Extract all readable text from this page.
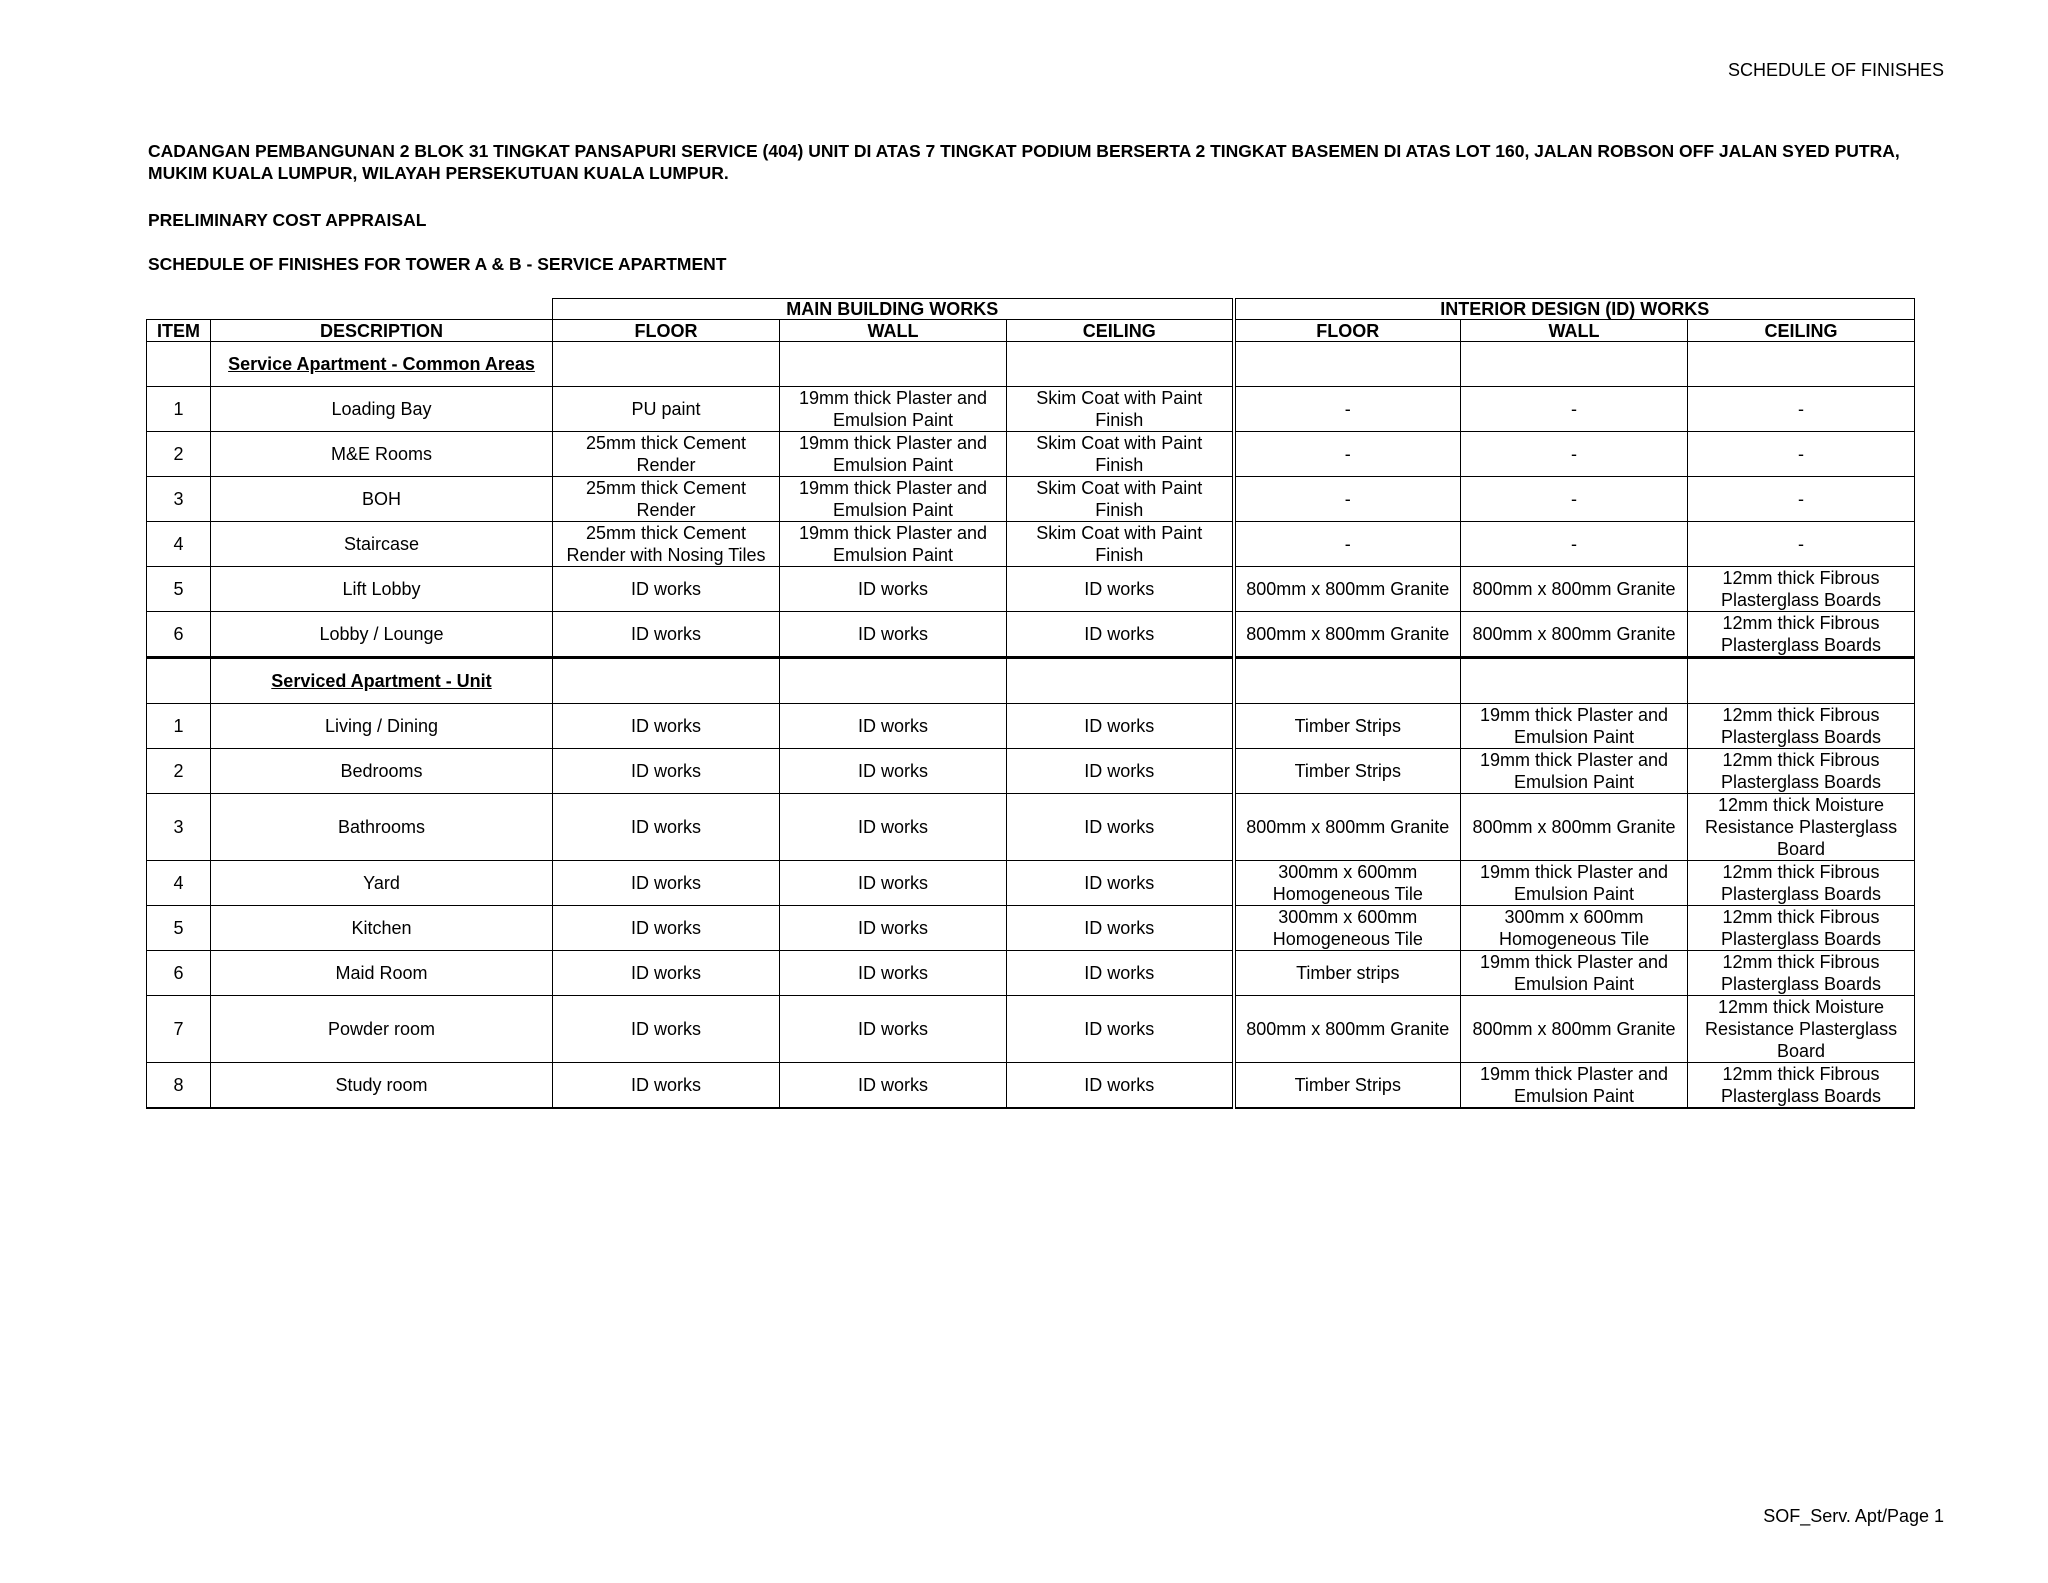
SCHEDULE OF FINISHES

CADANGAN PEMBANGUNAN 2 BLOK 31 TINGKAT PANSAPURI SERVICE (404) UNIT DI ATAS 7 TINGKAT PODIUM BERSERTA 2 TINGKAT BASEMEN DI ATAS LOT 160, JALAN ROBSON OFF JALAN SYED PUTRA, MUKIM KUALA LUMPUR, WILAYAH PERSEKUTUAN KUALA LUMPUR.

PRELIMINARY COST APPRAISAL

SCHEDULE OF FINISHES FOR TOWER A & B - SERVICE APARTMENT

		MAIN BUILDING WORKS			INTERIOR DESIGN (ID) WORKS		
ITEM	DESCRIPTION	FLOOR	WALL	CEILING	FLOOR	WALL	CEILING
	Service Apartment - Common Areas						
1	Loading Bay	PU paint	19mm thick Plaster and Emulsion Paint	Skim Coat with Paint Finish	-	-	-
2	M&E Rooms	25mm thick Cement Render	19mm thick Plaster and Emulsion Paint	Skim Coat with Paint Finish	-	-	-
3	BOH	25mm thick Cement Render	19mm thick Plaster and Emulsion Paint	Skim Coat with Paint Finish	-	-	-
4	Staircase	25mm thick Cement Render with Nosing Tiles	19mm thick Plaster and Emulsion Paint	Skim Coat with Paint Finish	-	-	-
5	Lift Lobby	ID works	ID works	ID works	800mm x 800mm Granite	800mm x 800mm Granite	12mm thick Fibrous Plasterglass Boards
6	Lobby / Lounge	ID works	ID works	ID works	800mm x 800mm Granite	800mm x 800mm Granite	12mm thick Fibrous Plasterglass Boards
	Serviced Apartment - Unit						
1	Living / Dining	ID works	ID works	ID works	Timber Strips	19mm thick Plaster and Emulsion Paint	12mm thick Fibrous Plasterglass Boards
2	Bedrooms	ID works	ID works	ID works	Timber Strips	19mm thick Plaster and Emulsion Paint	12mm thick Fibrous Plasterglass Boards
3	Bathrooms	ID works	ID works	ID works	800mm x 800mm Granite	800mm x 800mm Granite	12mm thick Moisture Resistance Plasterglass Board
4	Yard	ID works	ID works	ID works	300mm x 600mm Homogeneous Tile	19mm thick Plaster and Emulsion Paint	12mm thick Fibrous Plasterglass Boards
5	Kitchen	ID works	ID works	ID works	300mm x 600mm Homogeneous Tile	300mm x 600mm Homogeneous Tile	12mm thick Fibrous Plasterglass Boards
6	Maid Room	ID works	ID works	ID works	Timber strips	19mm thick Plaster and Emulsion Paint	12mm thick Fibrous Plasterglass Boards
7	Powder room	ID works	ID works	ID works	800mm x 800mm Granite	800mm x 800mm Granite	12mm thick Moisture Resistance Plasterglass Board
8	Study room	ID works	ID works	ID works	Timber Strips	19mm thick Plaster and Emulsion Paint	12mm thick Fibrous Plasterglass Boards
SOF_Serv. Apt/Page 1
